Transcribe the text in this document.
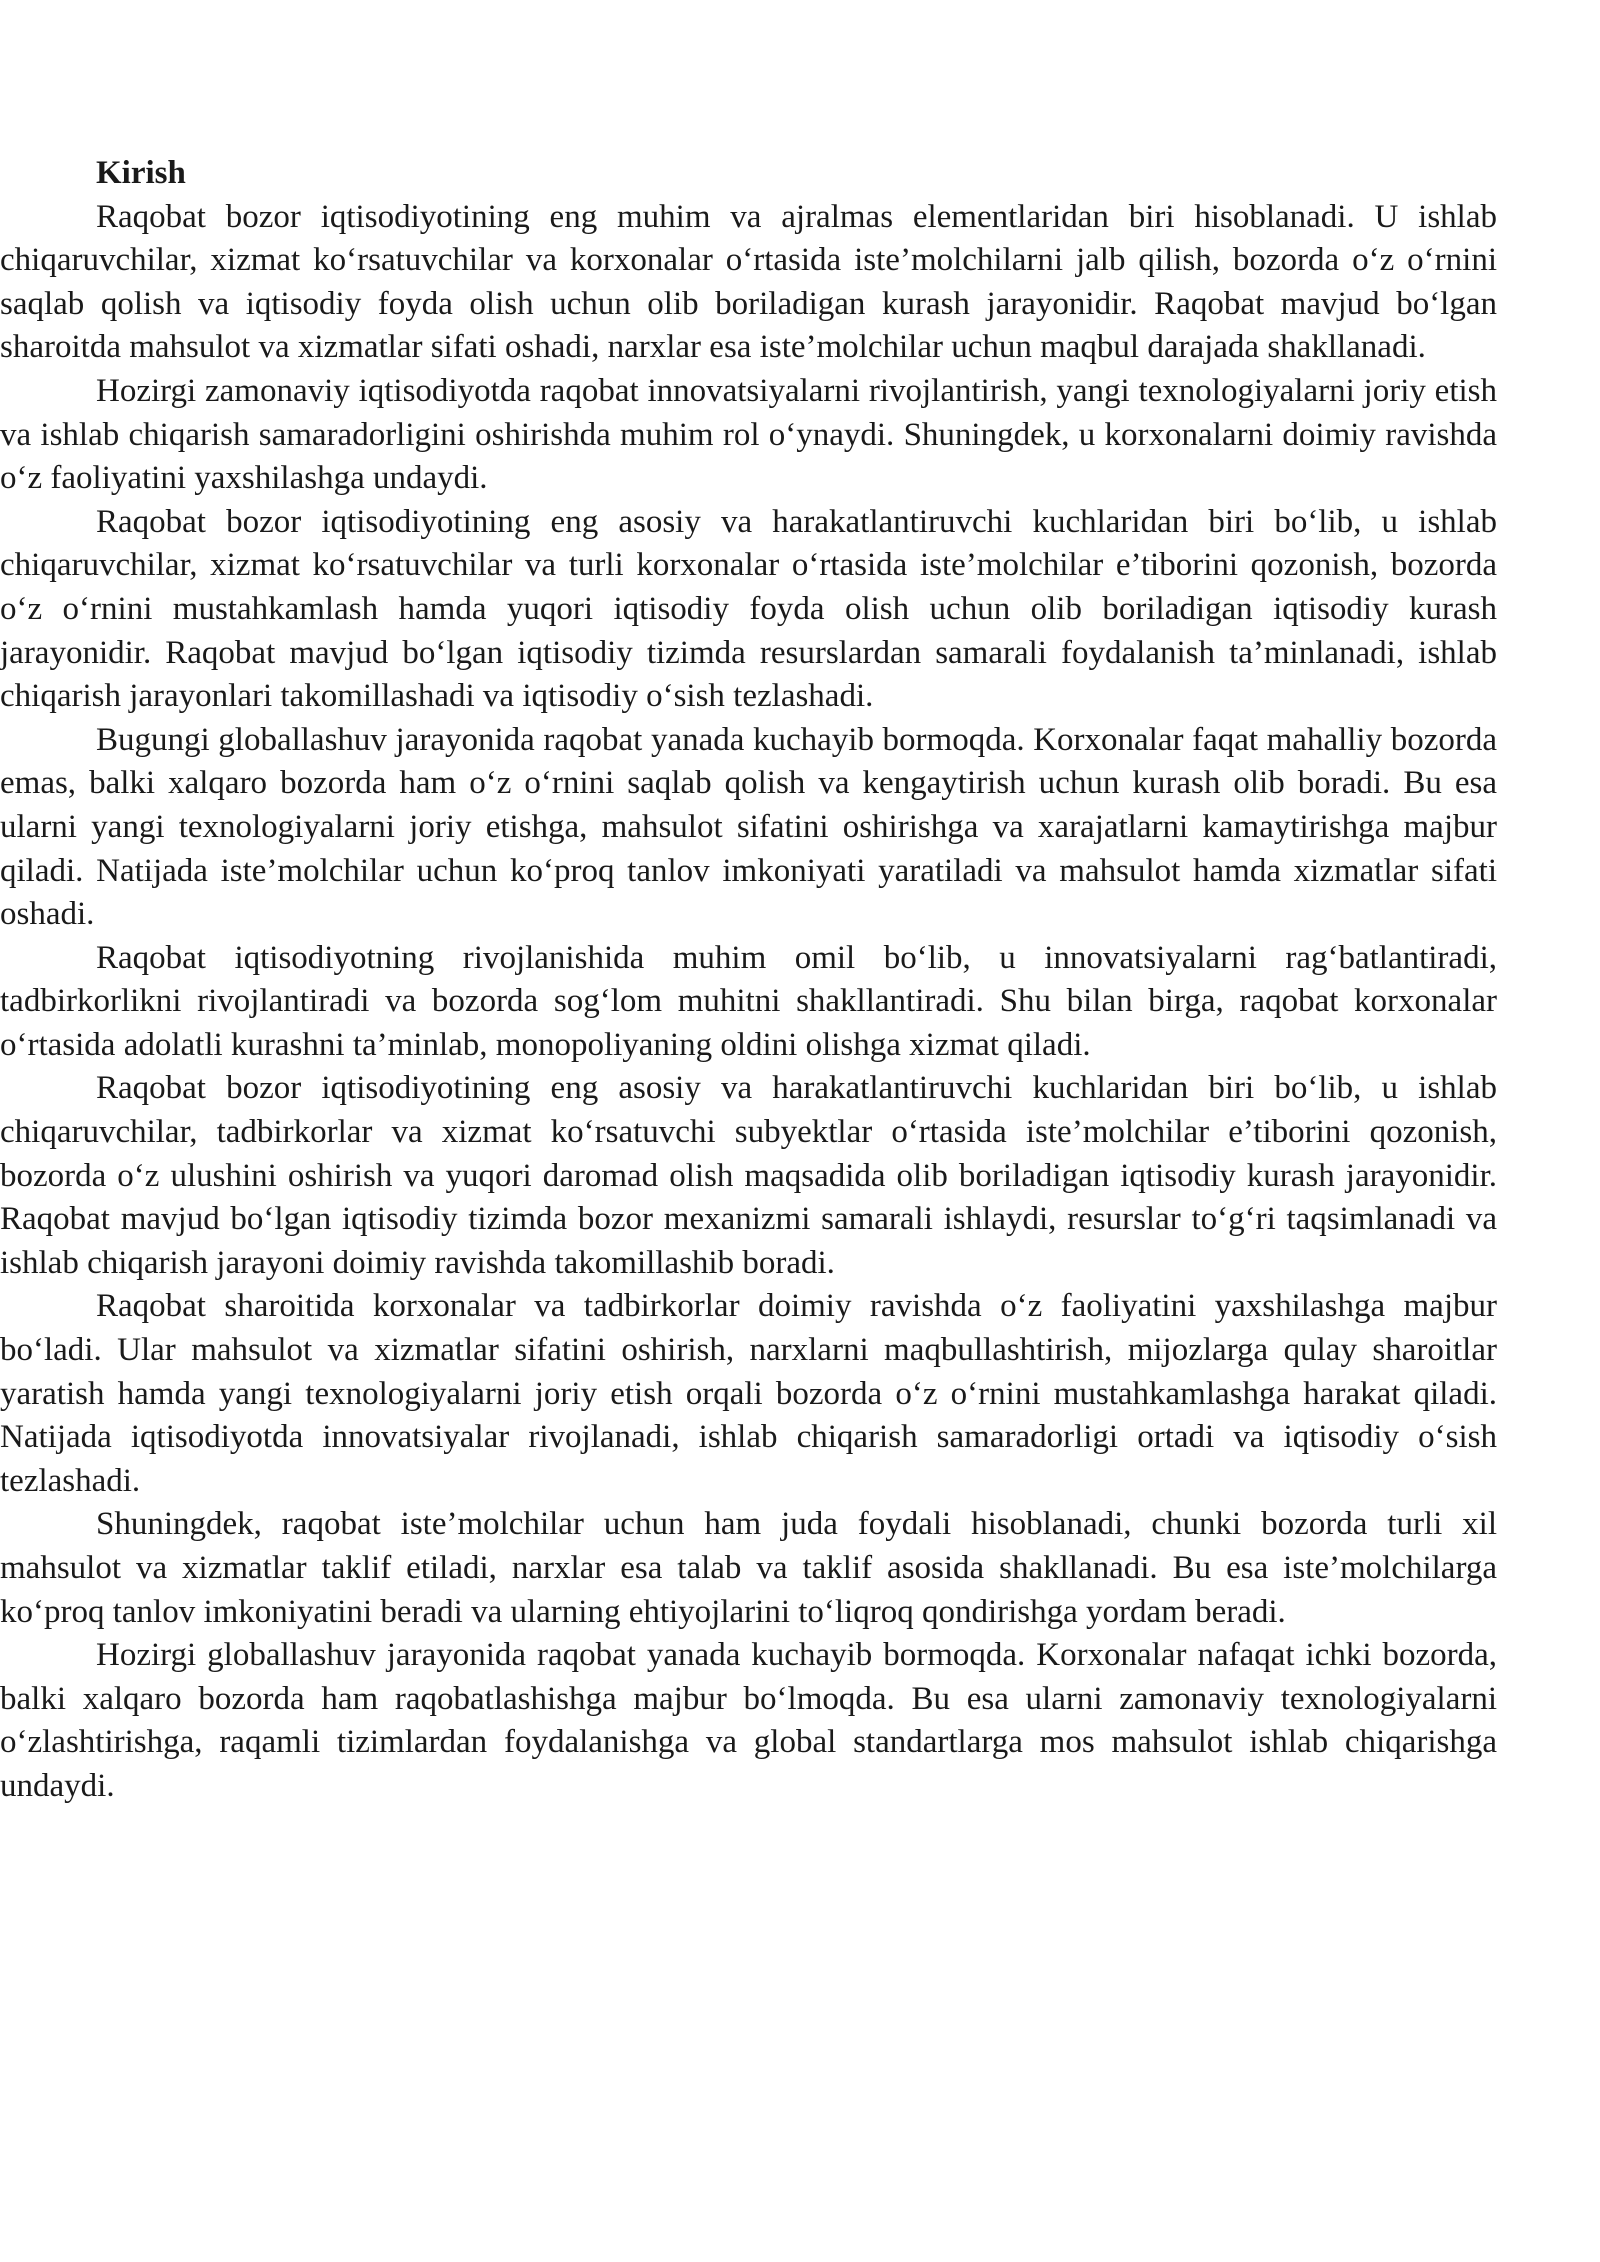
Kirish

Raqobat bozor iqtisodiyotining eng muhim va ajralmas elementlaridan biri hisoblanadi. U ishlab chiqaruvchilar, xizmat ko‘rsatuvchilar va korxonalar o‘rtasida iste’molchilarni jalb qilish, bozorda o‘z o‘rnini saqlab qolish va iqtisodiy foyda olish uchun olib boriladigan kurash jarayonidir. Raqobat mavjud bo‘lgan sharoitda mahsulot va xizmatlar sifati oshadi, narxlar esa iste’molchilar uchun maqbul darajada shakllanadi.

Hozirgi zamonaviy iqtisodiyotda raqobat innovatsiyalarni rivojlantirish, yangi texnologiyalarni joriy etish va ishlab chiqarish samaradorligini oshirishda muhim rol o‘ynaydi. Shuningdek, u korxonalarni doimiy ravishda o‘z faoliyatini yaxshilashga undaydi.

Raqobat bozor iqtisodiyotining eng asosiy va harakatlantiruvchi kuchlaridan biri bo‘lib, u ishlab chiqaruvchilar, xizmat ko‘rsatuvchilar va turli korxonalar o‘rtasida iste’molchilar e’tiborini qozonish, bozorda o‘z o‘rnini mustahkamlash hamda yuqori iqtisodiy foyda olish uchun olib boriladigan iqtisodiy kurash jarayonidir. Raqobat mavjud bo‘lgan iqtisodiy tizimda resurslardan samarali foydalanish ta’minlanadi, ishlab chiqarish jarayonlari takomillashadi va iqtisodiy o‘sish tezlashadi.

Bugungi globallashuv jarayonida raqobat yanada kuchayib bormoqda. Korxonalar faqat mahalliy bozorda emas, balki xalqaro bozorda ham o‘z o‘rnini saqlab qolish va kengaytirish uchun kurash olib boradi. Bu esa ularni yangi texnologiyalarni joriy etishga, mahsulot sifatini oshirishga va xarajatlarni kamaytirishga majbur qiladi. Natijada iste’molchilar uchun ko‘proq tanlov imkoniyati yaratiladi va mahsulot hamda xizmatlar sifati oshadi.

Raqobat iqtisodiyotning rivojlanishida muhim omil bo‘lib, u innovatsiyalarni rag‘batlantiradi, tadbirkorlikni rivojlantiradi va bozorda sog‘lom muhitni shakllantiradi. Shu bilan birga, raqobat korxonalar o‘rtasida adolatli kurashni ta’minlab, monopoliyaning oldini olishga xizmat qiladi.

Raqobat bozor iqtisodiyotining eng asosiy va harakatlantiruvchi kuchlaridan biri bo‘lib, u ishlab chiqaruvchilar, tadbirkorlar va xizmat ko‘rsatuvchi subyektlar o‘rtasida iste’molchilar e’tiborini qozonish, bozorda o‘z ulushini oshirish va yuqori daromad olish maqsadida olib boriladigan iqtisodiy kurash jarayonidir. Raqobat mavjud bo‘lgan iqtisodiy tizimda bozor mexanizmi samarali ishlaydi, resurslar to‘g‘ri taqsimlanadi va ishlab chiqarish jarayoni doimiy ravishda takomillashib boradi.

Raqobat sharoitida korxonalar va tadbirkorlar doimiy ravishda o‘z faoliyatini yaxshilashga majbur bo‘ladi. Ular mahsulot va xizmatlar sifatini oshirish, narxlarni maqbullashtirish, mijozlarga qulay sharoitlar yaratish hamda yangi texnologiyalarni joriy etish orqali bozorda o‘z o‘rnini mustahkamlashga harakat qiladi. Natijada iqtisodiyotda innovatsiyalar rivojlanadi, ishlab chiqarish samaradorligi ortadi va iqtisodiy o‘sish tezlashadi.

Shuningdek, raqobat iste’molchilar uchun ham juda foydali hisoblanadi, chunki bozorda turli xil mahsulot va xizmatlar taklif etiladi, narxlar esa talab va taklif asosida shakllanadi. Bu esa iste’molchilarga ko‘proq tanlov imkoniyatini beradi va ularning ehtiyojlarini to‘liqroq qondirishga yordam beradi.

Hozirgi globallashuv jarayonida raqobat yanada kuchayib bormoqda. Korxonalar nafaqat ichki bozorda, balki xalqaro bozorda ham raqobatlashishga majbur bo‘lmoqda. Bu esa ularni zamonaviy texnologiyalarni o‘zlashtirishga, raqamli tizimlardan foydalanishga va global standartlarga mos mahsulot ishlab chiqarishga undaydi.
